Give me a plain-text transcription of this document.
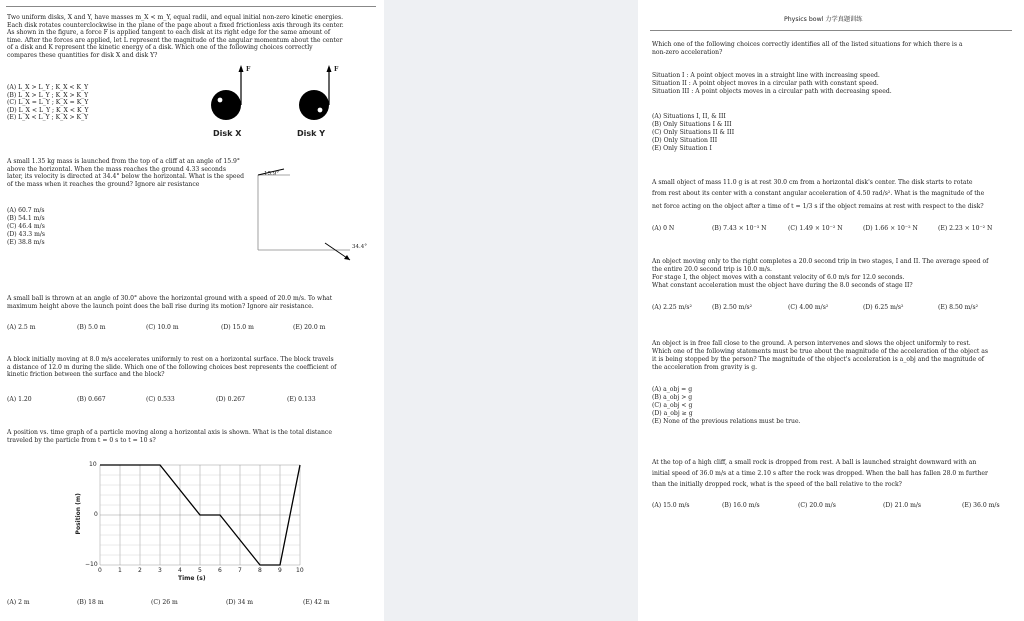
Two uniform disks, X and Y, have masses m_X < m_Y, equal radii, and equal initial non-zero kinetic energies.
Each disk rotates counterclockwise in the plane of the page about a fixed frictionless axis through its center.
As shown in the figure, a force F is applied tangent to each disk at its right edge for the same amount of
time. After the forces are applied, let L represent the magnitude of the angular momentum about the center
of a disk and K represent the kinetic energy of a disk. Which one of the following choices correctly
compares these quantities for disk X and disk Y?
(A) L_X > L_Y ; K_X < K_Y
(B) L_X > L_Y ; K_X > K_Y
(C) L_X = L_Y ; K_X = K_Y
(D) L_X < L_Y ; K_X < K_Y
(E) L_X < L_Y ; K_X > K_Y
F	F
Disk X	Disk Y
A small 1.35 kg mass is launched from the top of a cliff at an angle of 15.9°
above the horizontal. When the mass reaches the ground 4.33 seconds
later, its velocity is directed at 34.4° below the horizontal. What is the speed
of the mass when it reaches the ground? Ignore air resistance
(A) 60.7 m/s
(B) 54.1 m/s
(C) 46.4 m/s
(D) 43.3 m/s
(E) 38.8 m/s
15.9°
34.4°
A small ball is thrown at an angle of 30.0° above the horizontal ground with a speed of 20.0 m/s. To what
maximum height above the launch point does the ball rise during its motion? Ignore air resistance.
(A) 2.5 m	(B) 5.0 m	(C) 10.0 m	(D) 15.0 m	(E) 20.0 m
A block initially moving at 8.0 m/s accelerates uniformly to rest on a horizontal surface. The block travels
a distance of 12.0 m during the slide. Which one of the following choices best represents the coefficient of
kinetic friction between the surface and the block?
(A) 1.20	(B) 0.667	(C) 0.533	(D) 0.267	(E) 0.133
A position vs. time graph of a particle moving along a horizontal axis is shown. What is the total distance
traveled by the particle from t = 0 s to t = 10 s?
10
0
−10
0	1	2	3	4	5	6	7	8	9 10
Time (s)
Position (m)
(A) 2 m	(B) 18 m	(C) 26 m	(D) 34 m	(E) 42 m
Physics bowl 力学真题训练
Which one of the following choices correctly identifies all of the listed situations for which there is a
non-zero acceleration?
Situation I : A point object moves in a straight line with increasing speed.
Situation II : A point object moves in a circular path with constant speed.
Situation III : A point objects moves in a circular path with decreasing speed.
(A) Situations I, II, & III
(B) Only Situations I & III
(C) Only Situations II & III
(D) Only Situation III
(E) Only Situation I
A small object of mass 11.0 g is at rest 30.0 cm from a horizontal disk's center. The disk starts to rotate
from rest about its center with a constant angular acceleration of 4.50 rad/s². What is the magnitude of the
net force acting on the object after a time of t = 1/3 s if the object remains at rest with respect to the disk?
(A) 0 N	(B) 7.43 × 10⁻³ N	(C) 1.49 × 10⁻² N	(D) 1.66 × 10⁻² N	(E) 2.23 × 10⁻² N
An object moving only to the right completes a 20.0 second trip in two stages, I and II. The average speed of
the entire 20.0 second trip is 10.0 m/s.
For stage I, the object moves with a constant velocity of 6.0 m/s for 12.0 seconds.
What constant acceleration must the object have during the 8.0 seconds of stage II?
(A) 2.25 m/s²	(B) 2.50 m/s²	(C) 4.00 m/s²	(D) 6.25 m/s²	(E) 8.50 m/s²
An object is in free fall close to the ground. A person intervenes and slows the object uniformly to rest.
Which one of the following statements must be true about the magnitude of the acceleration of the object as
it is being stopped by the person? The magnitude of the object's acceleration is a_obj and the magnitude of
the acceleration from gravity is g.
(A) a_obj = g
(B) a_obj > g
(C) a_obj < g
(D) a_obj ≥ g
(E) None of the previous relations must be true.
At the top of a high cliff, a small rock is dropped from rest. A ball is launched straight downward with an
initial speed of 36.0 m/s at a time 2.10 s after the rock was dropped. When the ball has fallen 28.0 m further
than the initially dropped rock, what is the speed of the ball relative to the rock?
(A) 15.0 m/s	(B) 16.0 m/s	(C) 20.0 m/s	(D) 21.0 m/s	(E) 36.0 m/s
